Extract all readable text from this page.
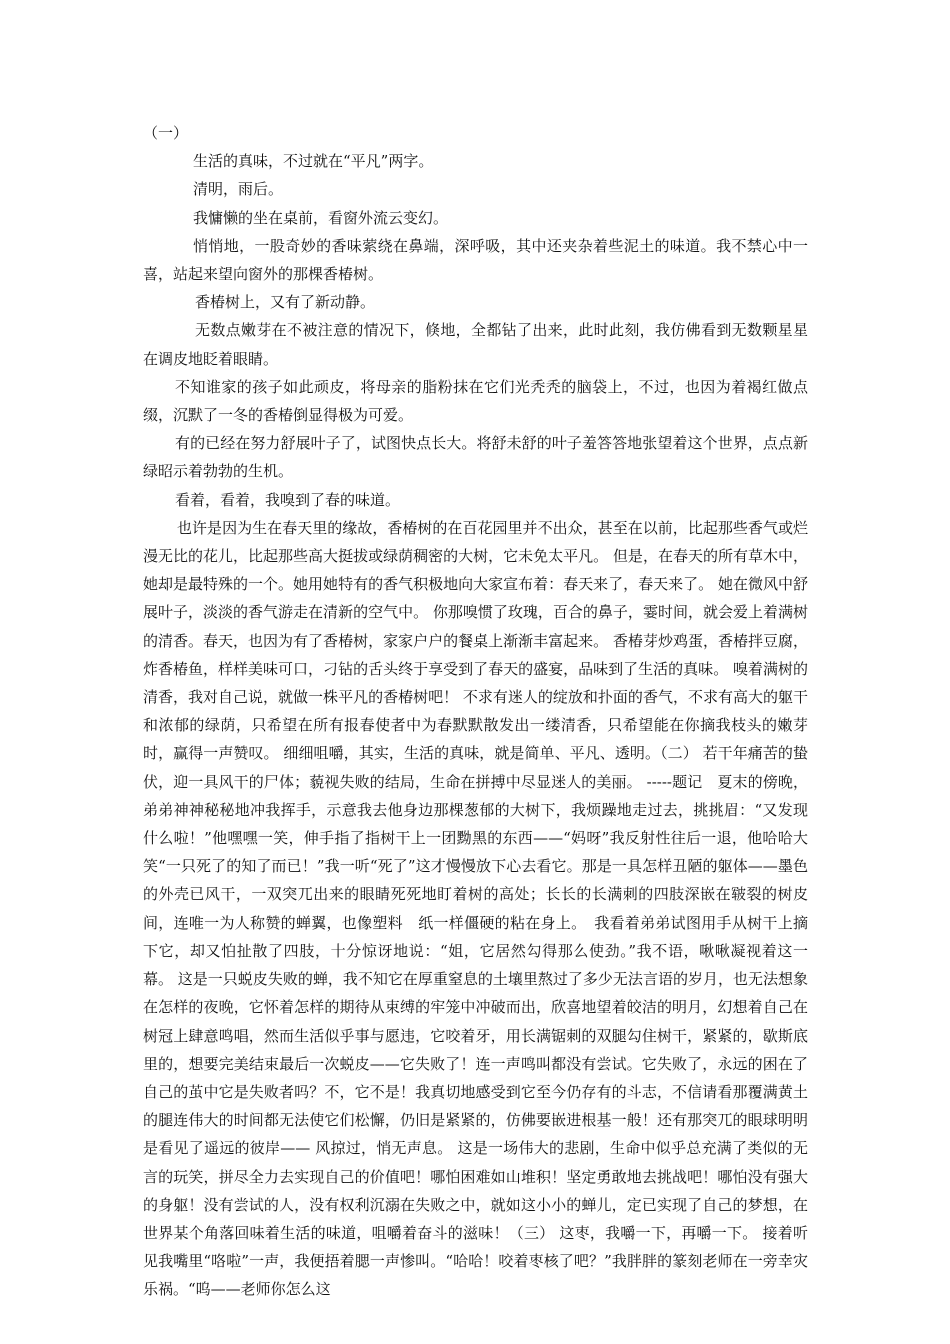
（一）

生活的真味，不过就在“平凡”两字。

清明，雨后。

我慵懒的坐在桌前，看窗外流云变幻。

悄悄地，一股奇妙的香味萦绕在鼻端，深呼吸，其中还夹杂着些泥土的味道。我不禁心中一喜，站起来望向窗外的那棵香椿树。

香椿树上，又有了新动静。

无数点嫩芽在不被注意的情况下，倏地，全都钻了出来，此时此刻，我仿佛看到无数颗星星在调皮地眨着眼睛。

不知谁家的孩子如此顽皮，将母亲的脂粉抹在它们光秃秃的脑袋上，不过，也因为着褐红做点缀，沉默了一冬的香椿倒显得极为可爱。

有的已经在努力舒展叶子了，试图快点长大。将舒未舒的叶子羞答答地张望着这个世界，点点新绿昭示着勃勃的生机。

看着，看着，我嗅到了春的味道。

也许是因为生在春天里的缘故，香椿树的在百花园里并不出众，甚至在以前，比起那些香气或烂漫无比的花儿，比起那些高大挺拔或绿荫稠密的大树，它未免太平凡。 但是，在春天的所有草木中，她却是最特殊的一个。她用她特有的香气积极地向大家宣布着：春天来了，春天来了。 她在微风中舒展叶子，淡淡的香气游走在清新的空气中。 你那嗅惯了玫瑰，百合的鼻子，霎时间，就会爱上着满树的清香。春天，也因为有了香椿树，家家户户的餐桌上渐渐丰富起来。 香椿芽炒鸡蛋，香椿拌豆腐，炸香椿鱼，样样美味可口，刁钻的舌头终于享受到了春天的盛宴，品味到了生活的真味。 嗅着满树的清香，我对自己说，就做一株平凡的香椿树吧！ 不求有迷人的绽放和扑面的香气，不求有高大的躯干和浓郁的绿荫，只希望在所有报春使者中为春默默散发出一缕清香，只希望能在你摘我枝头的嫩芽时，赢得一声赞叹。 细细咀嚼，其实，生活的真味，就是简单、平凡、透明。（二） 若干年痛苦的蛰伏，迎一具风干的尸体；藐视失败的结局，生命在拼搏中尽显迷人的美丽。 -----题记　夏末的傍晚，弟弟神神秘秘地冲我挥手，示意我去他身边那棵葱郁的大树下，我烦躁地走过去，挑挑眉：“又发现什么啦！”他嘿嘿一笑，伸手指了指树干上一团黝黑的东西——“妈呀”我反射性往后一退，他哈哈大笑“一只死了的知了而已！”我一听“死了”这才慢慢放下心去看它。那是一具怎样丑陋的躯体——墨色的外壳已风干，一双突兀出来的眼睛死死地盯着树的高处；长长的长满刺的四肢深嵌在皲裂的树皮间，连唯一为人称赞的蝉翼，也像塑料　纸一样僵硬的粘在身上。　我看着弟弟试图用手从树干上摘下它，却又怕扯散了四肢，十分惊讶地说：“姐，它居然勾得那么使劲。”我不语，啾啾凝视着这一幕。 这是一只蜕皮失败的蝉，我不知它在厚重窒息的土壤里熬过了多少无法言语的岁月，也无法想象在怎样的夜晚，它怀着怎样的期待从束缚的牢笼中冲破而出，欣喜地望着皎洁的明月，幻想着自己在树冠上肆意鸣唱，然而生活似乎事与愿违，它咬着牙，用长满锯刺的双腿勾住树干，紧紧的，歇斯底里的，想要完美结束最后一次蜕皮——它失败了！连一声鸣叫都没有尝试。它失败了，永远的困在了自己的茧中它是失败者吗？不，它不是！我真切地感受到它至今仍存有的斗志，不信请看那覆满黄土的腿连伟大的时间都无法使它们松懈，仍旧是紧紧的，仿佛要嵌进根基一般！还有那突兀的眼球明明是看见了遥远的彼岸—— 风掠过，悄无声息。 这是一场伟大的悲剧，生命中似乎总充满了类似的无言的玩笑，拼尽全力去实现自己的价值吧！哪怕困难如山堆积！坚定勇敢地去挑战吧！哪怕没有强大的身躯！没有尝试的人，没有权利沉溺在失败之中，就如这小小的蝉儿，定已实现了自己的梦想，在世界某个角落回味着生活的味道，咀嚼着奋斗的滋味！（三） 这枣，我嚼一下，再嚼一下。 接着听见我嘴里“咯啦”一声，我便捂着腮一声惨叫。“哈哈！咬着枣核了吧？”我胖胖的篆刻老师在一旁幸灾乐祸。“呜——老师你怎么这
